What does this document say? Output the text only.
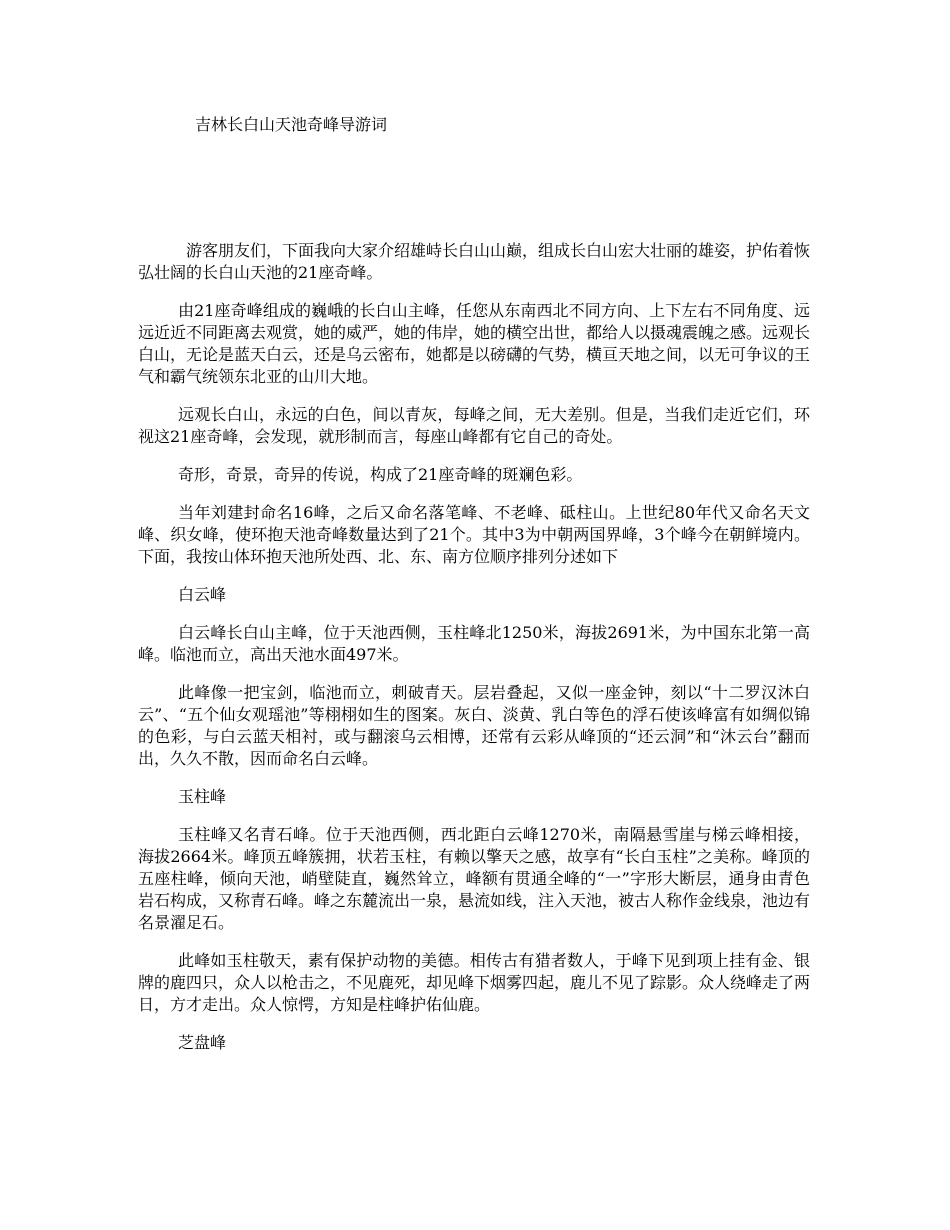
吉林长白山天池奇峰导游词

游客朋友们，下面我向大家介绍雄峙长白山山巅，组成长白山宏大壮丽的雄姿，护佑着恢弘壮阔的长白山天池的21座奇峰。

由21座奇峰组成的巍峨的长白山主峰，任您从东南西北不同方向、上下左右不同角度、远远近近不同距离去观赏，她的威严，她的伟岸，她的横空出世，都给人以摄魂震魄之感。远观长白山，无论是蓝天白云，还是乌云密布，她都是以磅礴的气势，横亘天地之间，以无可争议的王气和霸气统领东北亚的山川大地。

远观长白山，永远的白色，间以青灰，每峰之间，无大差别。但是，当我们走近它们，环视这21座奇峰，会发现，就形制而言，每座山峰都有它自己的奇处。

奇形，奇景，奇异的传说，构成了21座奇峰的斑斓色彩。

当年刘建封命名16峰，之后又命名落笔峰、不老峰、砥柱山。上世纪80年代又命名天文峰、织女峰，使环抱天池奇峰数量达到了21个。其中3为中朝两国界峰，3个峰今在朝鲜境内。下面，我按山体环抱天池所处西、北、东、南方位顺序排列分述如下

白云峰

白云峰长白山主峰，位于天池西侧，玉柱峰北1250米，海拔2691米，为中国东北第一高峰。临池而立，高出天池水面497米。

此峰像一把宝剑，临池而立，刺破青天。层岩叠起，又似一座金钟，刻以“十二罗汉沐白云”、“五个仙女观瑶池”等栩栩如生的图案。灰白、淡黄、乳白等色的浮石使该峰富有如绸似锦的色彩，与白云蓝天相衬，或与翻滚乌云相博，还常有云彩从峰顶的“还云洞”和“沐云台”翻而出，久久不散，因而命名白云峰。

玉柱峰

玉柱峰又名青石峰。位于天池西侧，西北距白云峰1270米，南隔悬雪崖与梯云峰相接，海拔2664米。峰顶五峰簇拥，状若玉柱，有赖以擎天之感，故享有“长白玉柱”之美称。峰顶的五座柱峰，倾向天池，峭壁陡直，巍然耸立，峰额有贯通全峰的“一”字形大断层，通身由青色岩石构成，又称青石峰。峰之东麓流出一泉，悬流如线，注入天池，被古人称作金线泉，池边有名景濯足石。

此峰如玉柱敬天，素有保护动物的美德。相传古有猎者数人，于峰下见到项上挂有金、银牌的鹿四只，众人以枪击之，不见鹿死，却见峰下烟雾四起，鹿儿不见了踪影。众人绕峰走了两日，方才走出。众人惊愕，方知是柱峰护佑仙鹿。

芝盘峰
